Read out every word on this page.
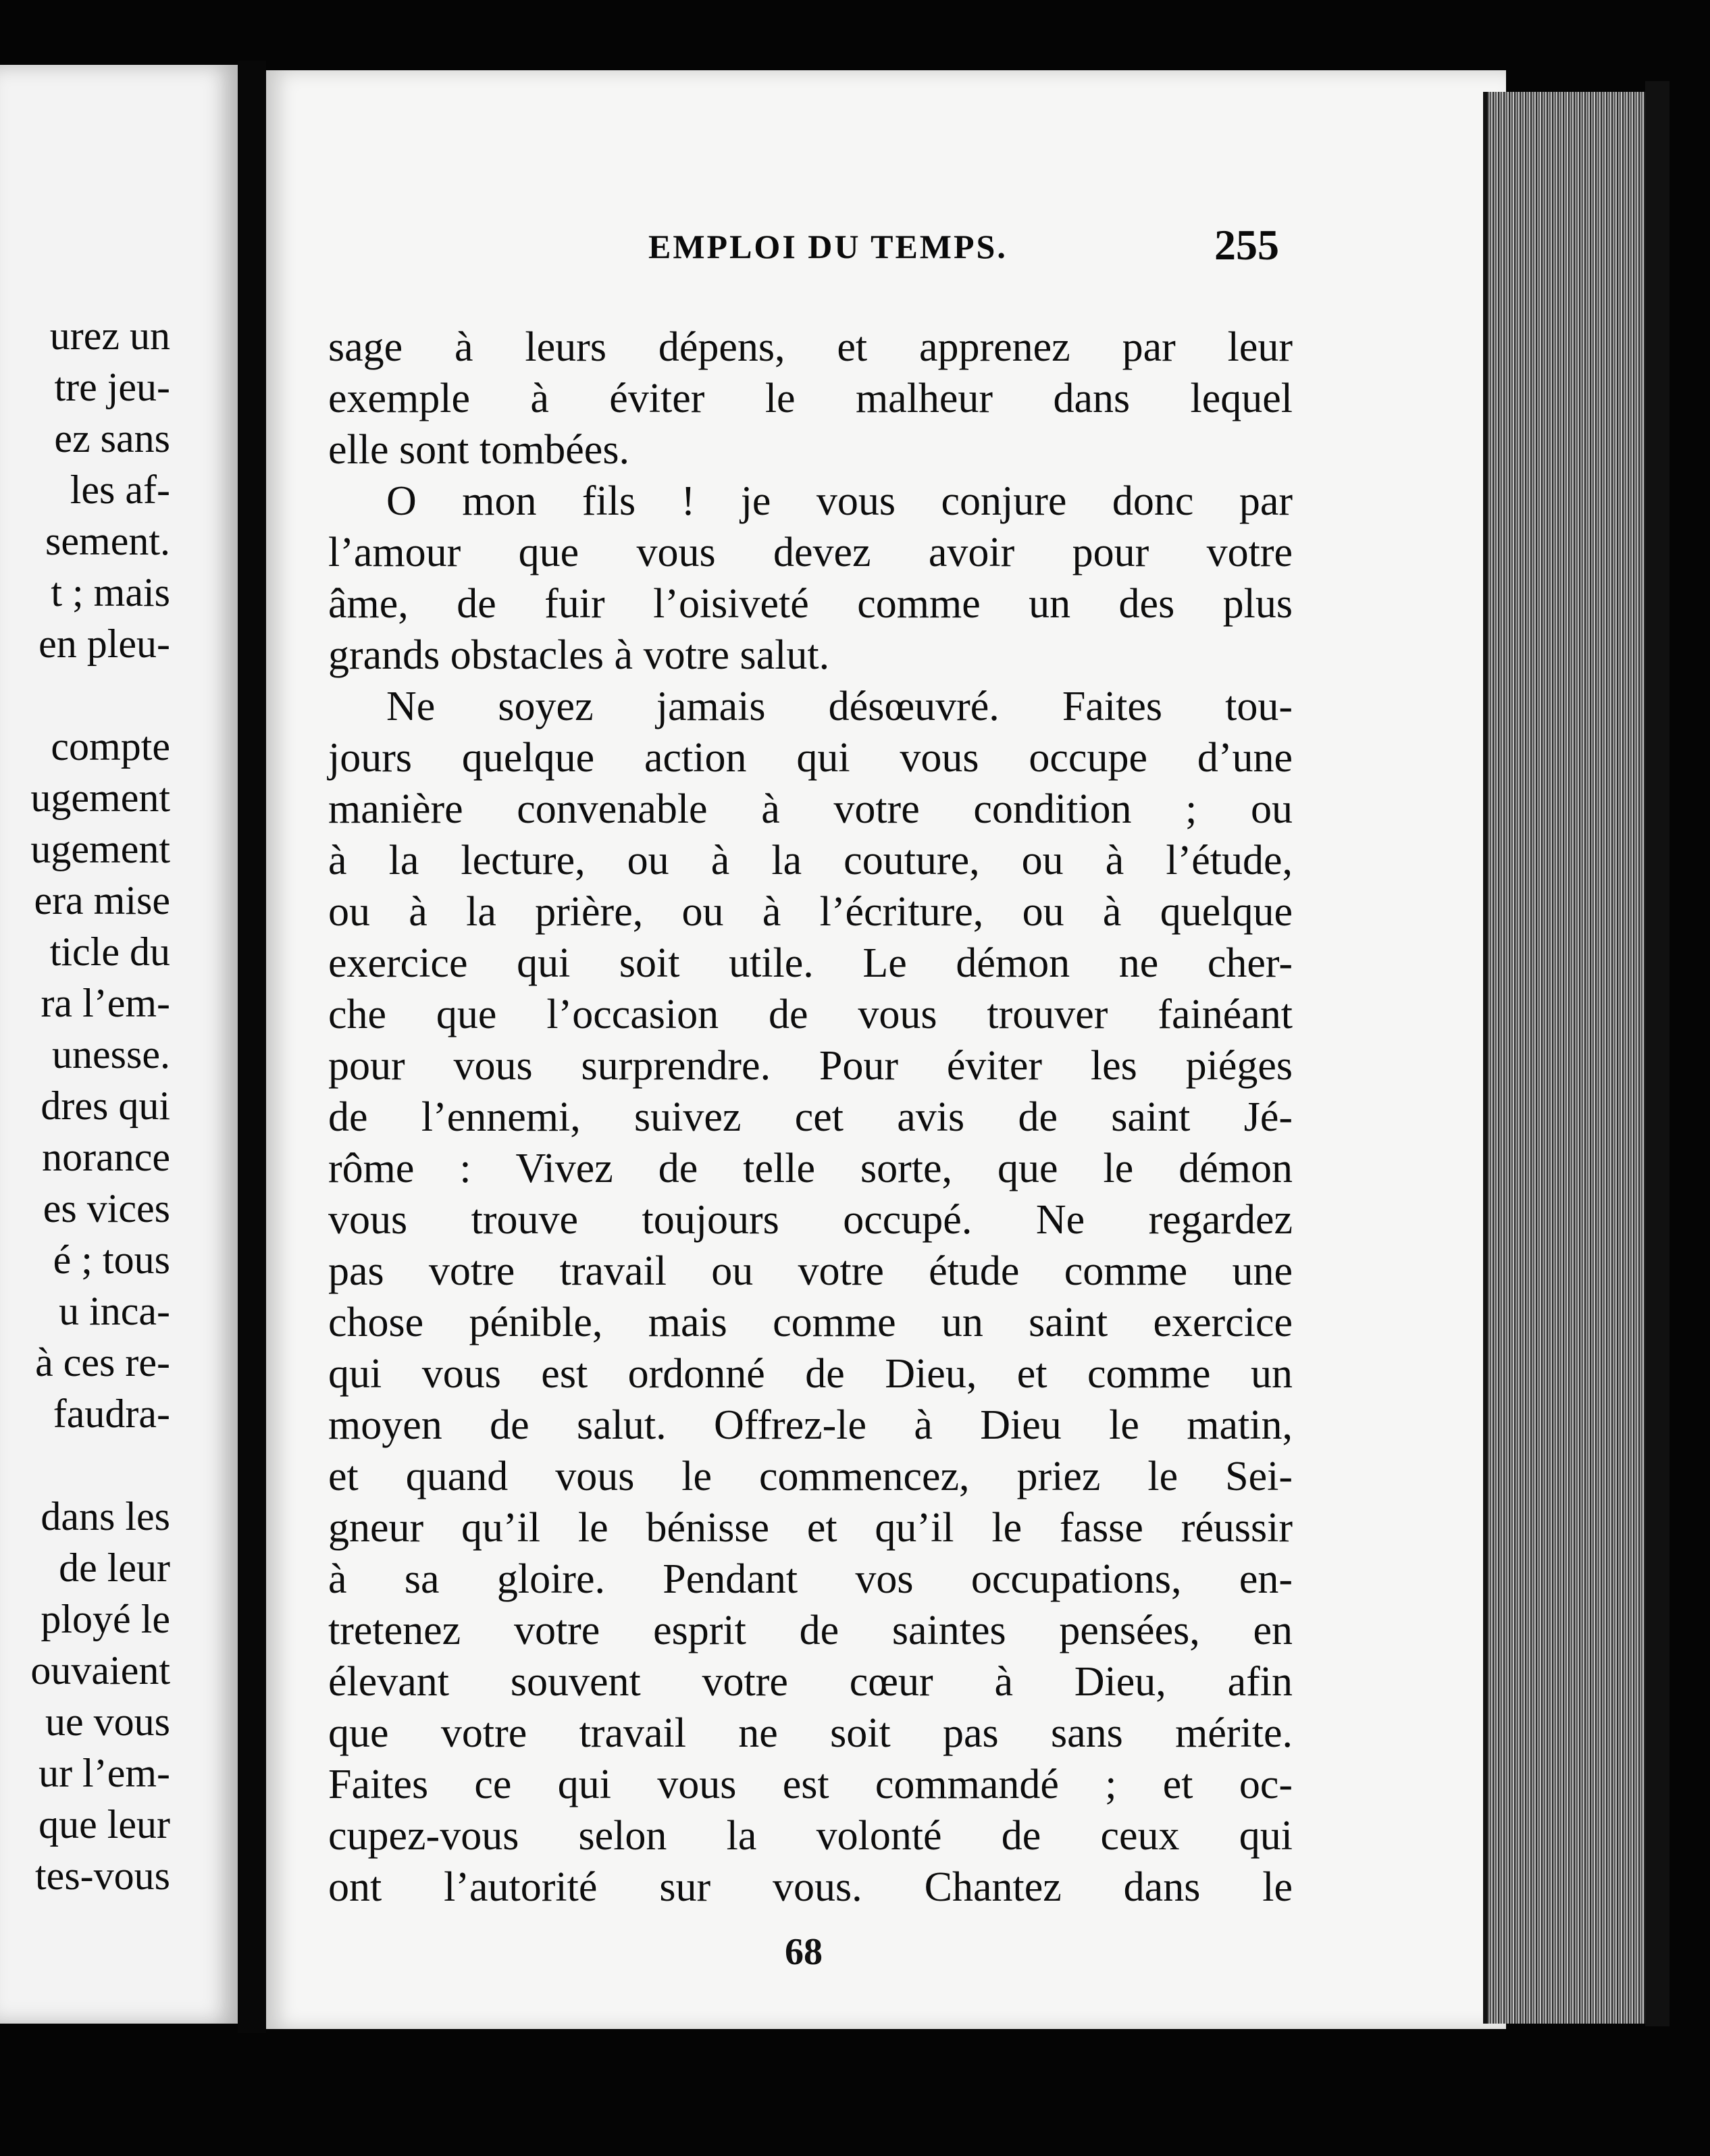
urez un
tre jeu-
ez sans
les af-
sement.
t ; mais
en pleu-
compte
ugement
ugement
era mise
ticle du
ra l’em-
unesse.
dres qui
norance
es vices
é ; tous
u inca-
à ces re-
faudra-
dans les
de leur
ployé le
ouvaient
ue vous
ur l’em-
que leur
tes-vous
EMPLOI DU TEMPS.	255
sage à leurs dépens, et apprenez par leur
exemple à éviter le malheur dans lequel
elle sont tombées.
O mon fils ! je vous conjure donc par
l’amour que vous devez avoir pour votre
âme, de fuir l’oisiveté comme un des plus
grands obstacles à votre salut.
Ne soyez jamais désœuvré. Faites tou-
jours quelque action qui vous occupe d’une
manière convenable à votre condition ; ou
à la lecture, ou à la couture, ou à l’étude,
ou à la prière, ou à l’écriture, ou à quelque
exercice qui soit utile. Le démon ne cher-
che que l’occasion de vous trouver fainéant
pour vous surprendre. Pour éviter les piéges
de l’ennemi, suivez cet avis de saint Jé-
rôme : Vivez de telle sorte, que le démon
vous trouve toujours occupé. Ne regardez
pas votre travail ou votre étude comme une
chose pénible, mais comme un saint exercice
qui vous est ordonné de Dieu, et comme un
moyen de salut. Offrez-le à Dieu le matin,
et quand vous le commencez, priez le Sei-
gneur qu’il le bénisse et qu’il le fasse réussir
à sa gloire. Pendant vos occupations, en-
tretenez votre esprit de saintes pensées, en
élevant souvent votre cœur à Dieu, afin
que votre travail ne soit pas sans mérite.
Faites ce qui vous est commandé ; et oc-
cupez-vous selon la volonté de ceux qui
ont l’autorité sur vous. Chantez dans le
68
